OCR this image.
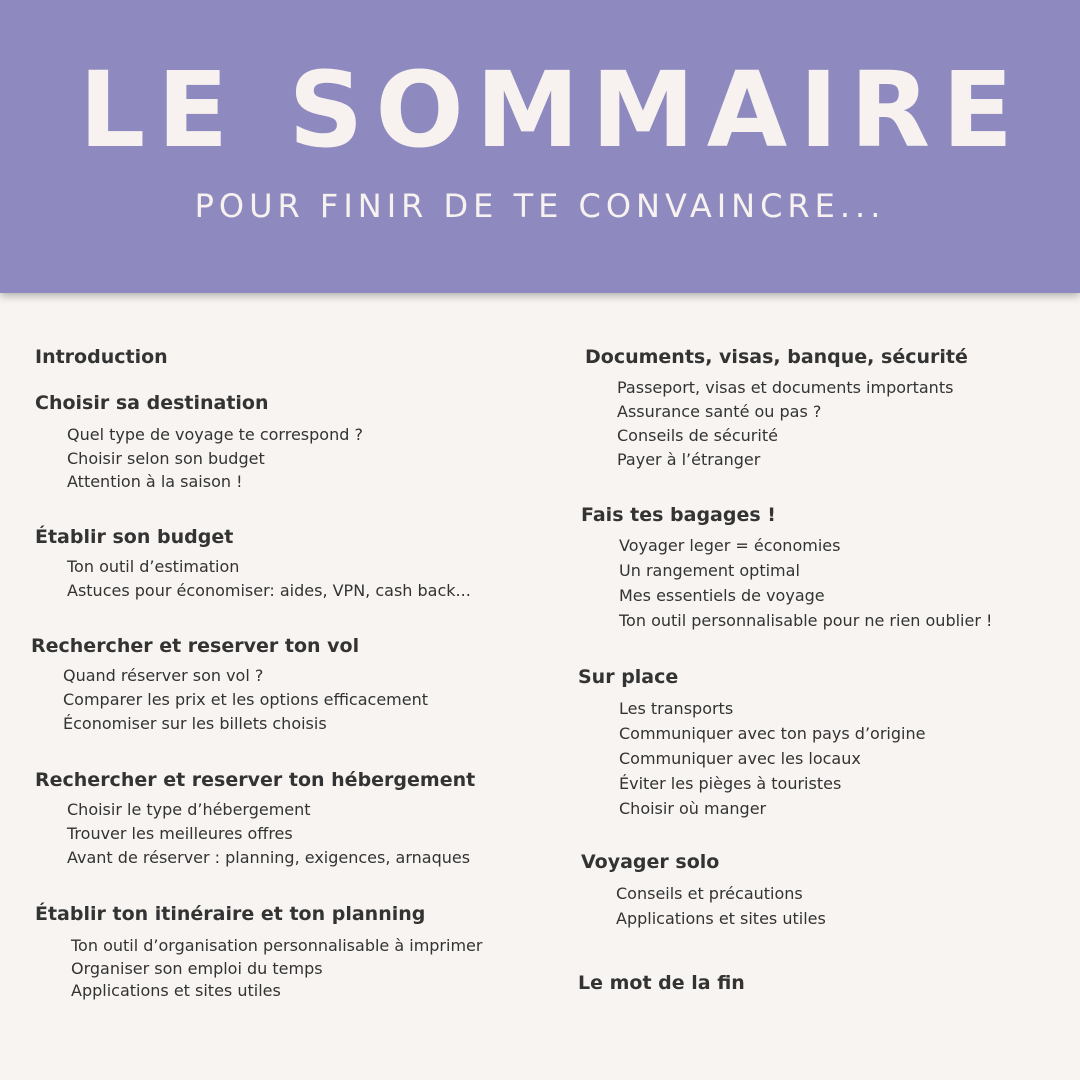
LE SOMMAIRE
POUR FINIR DE TE CONVAINCRE...
Introduction
Choisir sa destination
Quel type de voyage te correspond ?
Choisir selon son budget
Attention à la saison !
Établir son budget
Ton outil d’estimation
Astuces pour économiser: aides, VPN, cash back...
Rechercher et reserver ton vol
Quand réserver son vol ?
Comparer les prix et les options efficacement
Économiser sur les billets choisis
Rechercher et reserver ton hébergement
Choisir le type d’hébergement
Trouver les meilleures offres
Avant de réserver : planning, exigences, arnaques
Établir ton itinéraire et ton planning
Ton outil d’organisation personnalisable à imprimer
Organiser son emploi du temps
Applications et sites utiles
Documents, visas, banque, sécurité
Passeport, visas et documents importants
Assurance santé ou pas ?
Conseils de sécurité
Payer à l’étranger
Fais tes bagages !
Voyager leger = économies
Un rangement optimal
Mes essentiels de voyage
Ton outil personnalisable pour ne rien oublier !
Sur place
Les transports
Communiquer avec ton pays d’origine
Communiquer avec les locaux
Éviter les pièges à touristes
Choisir où manger
Voyager solo
Conseils et précautions
Applications et sites utiles
Le mot de la fin
